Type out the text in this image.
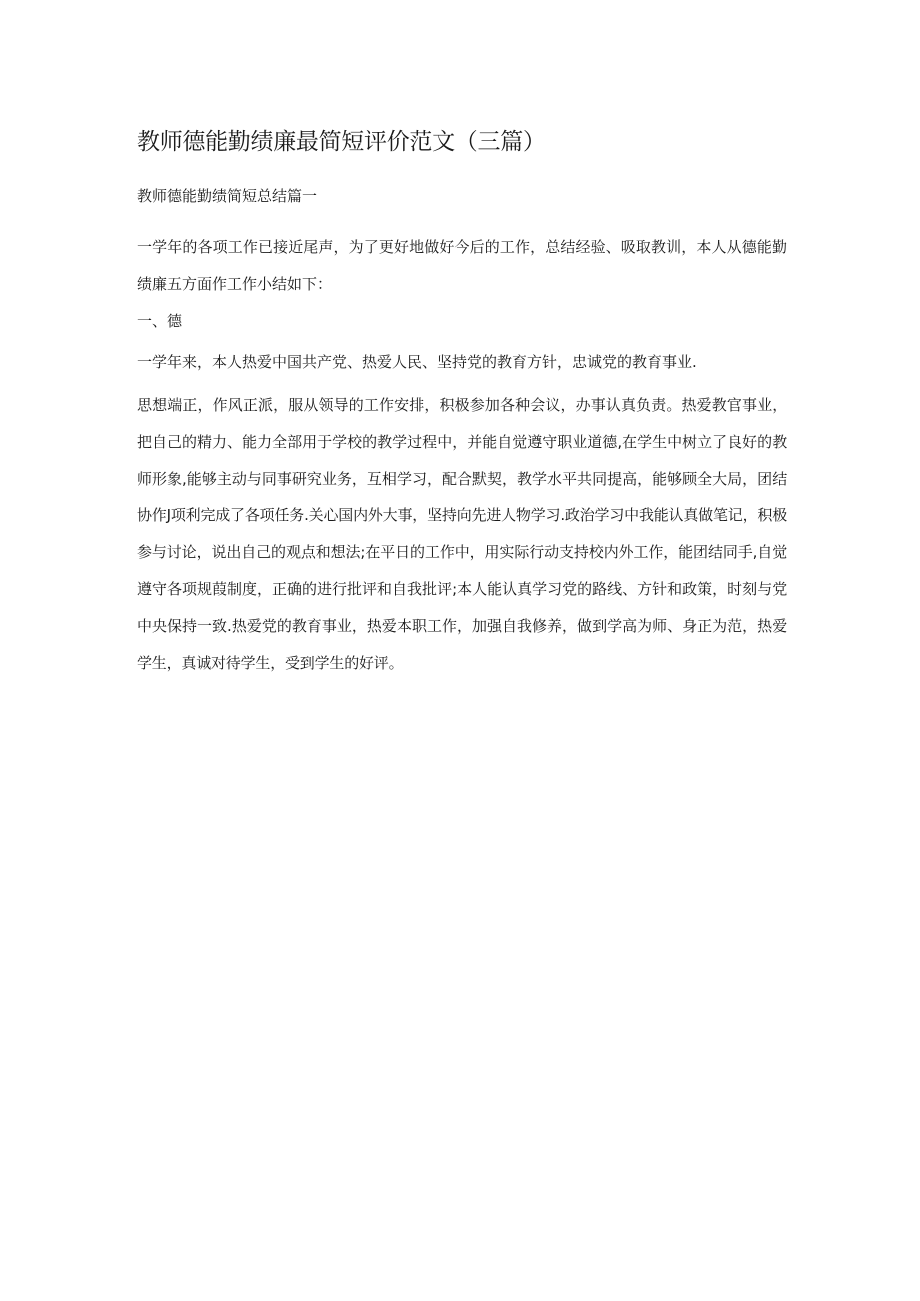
教师德能勤绩廉最简短评价范文（三篇）
教师德能勤绩简短总结篇一

一学年的各项工作已接近尾声，为了更好地做好今后的工作，总结经验、吸取教训，本人从德能勤绩廉五方面作工作小结如下：

一、德
一学年来，本人热爱中国共产党、热爱人民、坚持党的教育方针，忠诚党的教育事业.

思想端正，作风正派，服从领导的工作安排，积极参加各种会议，办事认真负责。热爱教官事业，把自己的精力、能力全部用于学校的教学过程中，并能自觉遵守职业道德,在学生中树立了良好的教师形象,能够主动与同事研究业务，互相学习，配合默契，教学水平共同提高，能够顾全大局，团结协作J项利完成了各项任务.关心国内外大事，坚持向先进人物学习.政治学习中我能认真做笔记，积极参与讨论，说出自己的观点和想法;在平日的工作中，用实际行动支持校内外工作，能团结同手,自觉遵守各项规葭制度，正确的进行批评和自我批评;本人能认真学习党的路线、方针和政策，时刻与党中央保持一致.热爱党的教育事业，热爱本职工作，加强自我修养，做到学高为师、身正为范，热爱学生，真诚对待学生，受到学生的好评。
